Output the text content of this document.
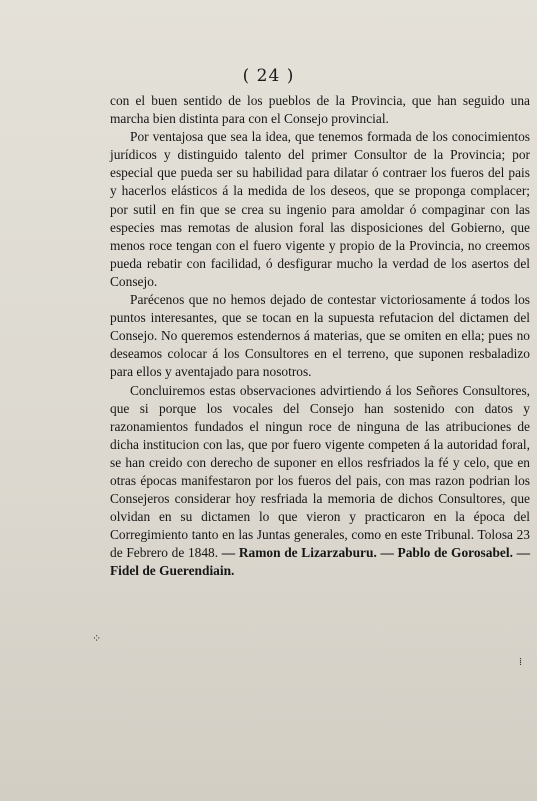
( 24 )

con el buen sentido de los pueblos de la Provincia, que han seguido una marcha bien distinta para con el Consejo provincial.

Por ventajosa que sea la idea, que tenemos formada de los conocimientos jurídicos y distinguido talento del primer Consultor de la Provincia; por especial que pueda ser su habilidad para dilatar ó contraer los fueros del pais y hacerlos elásticos á la medida de los deseos, que se proponga complacer; por sutil en fin que se crea su ingenio para amoldar ó compaginar con las especies mas remotas de alusion foral las disposiciones del Gobierno, que menos roce tengan con el fuero vigente y propio de la Provincia, no creemos pueda rebatir con facilidad, ó desfigurar mucho la verdad de los asertos del Consejo.

Parécenos que no hemos dejado de contestar victoriosamente á todos los puntos interesantes, que se tocan en la supuesta refutacion del dictamen del Consejo. No queremos estendernos á materias, que se omiten en ella; pues no deseamos colocar á los Consultores en el terreno, que suponen resbaladizo para ellos y aventajado para nosotros.

Concluiremos estas observaciones advirtiendo á los Señores Consultores, que si porque los vocales del Consejo han sostenido con datos y razonamientos fundados el ningun roce de ninguna de las atribuciones de dicha institucion con las, que por fuero vigente competen á la autoridad foral, se han creido con derecho de suponer en ellos resfriados la fé y celo, que en otras épocas manifestaron por los fueros del pais, con mas razon podrian los Consejeros considerar hoy resfriada la memoria de dichos Consultores, que olvidan en su dictamen lo que vieron y practicaron en la época del Corregimiento tanto en las Juntas generales, como en este Tribunal. Tolosa 23 de Febrero de 1848. — Ramon de Lizarzaburu. — Pablo de Gorosabel. — Fidel de Guerendiain.

⁘
⁞
